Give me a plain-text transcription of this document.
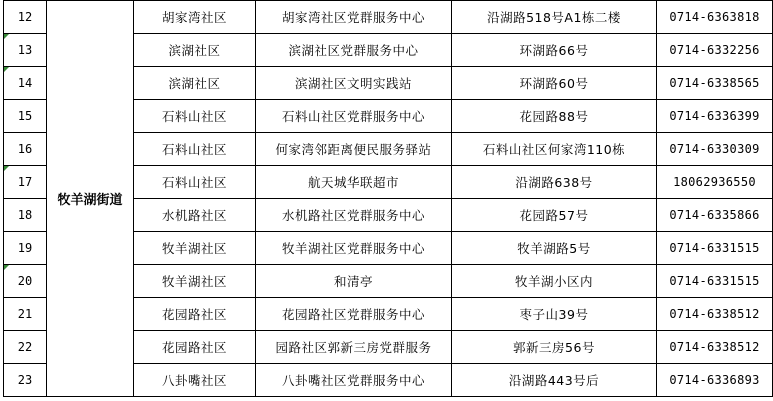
12	牧羊湖街道	胡家湾社区	胡家湾社区党群服务中心	沿湖路518号A1栋二楼	0714-6363818
13		滨湖社区	滨湖社区党群服务中心	环湖路66号	0714-6332256
14		滨湖社区	滨湖社区文明实践站	环湖路60号	0714-6338565
15		石料山社区	石料山社区党群服务中心	花园路88号	0714-6336399
16		石料山社区	何家湾邻距离便民服务驿站	石料山社区何家湾110栋	0714-6330309
17		石料山社区	航天城华联超市	沿湖路638号	18062936550
18		水机路社区	水机路社区党群服务中心	花园路57号	0714-6335866
19		牧羊湖社区	牧羊湖社区党群服务中心	牧羊湖路5号	0714-6331515
20		牧羊湖社区	和清亭	牧羊湖小区内	0714-6331515
21		花园路社区	花园路社区党群服务中心	枣子山39号	0714-6338512
22		花园路社区	园路社区郭新三房党群服务	郭新三房56号	0714-6338512
23		八卦嘴社区	八卦嘴社区党群服务中心	沿湖路443号后	0714-6336893
